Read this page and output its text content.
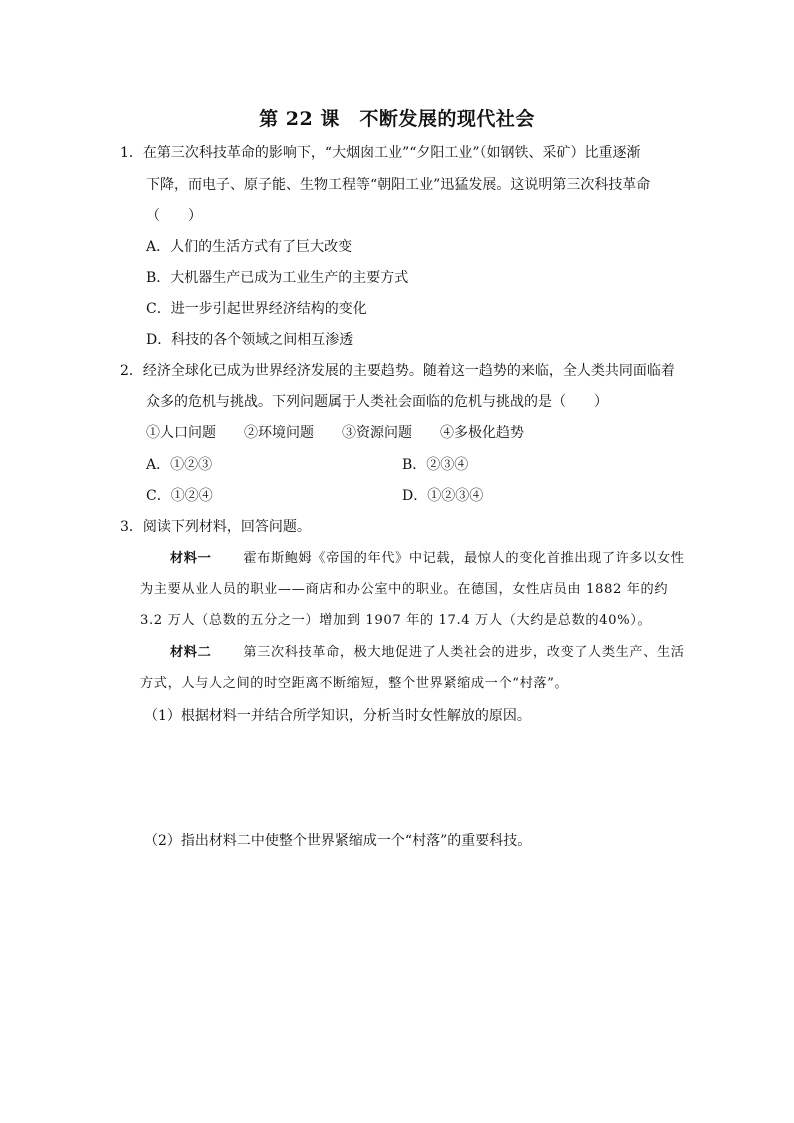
第 22 课　不断发展的现代社会
1．在第三次科技革命的影响下，“大烟囱工业”“夕阳工业”（如钢铁、采矿）比重逐渐
下降，而电子、原子能、生物工程等“朝阳工业”迅猛发展。这说明第三次科技革命
（　　）
A．人们的生活方式有了巨大改变
B．大机器生产已成为工业生产的主要方式
C．进一步引起世界经济结构的变化
D．科技的各个领域之间相互渗透
2．经济全球化已成为世界经济发展的主要趋势。随着这一趋势的来临，全人类共同面临着
众多的危机与挑战。下列问题属于人类社会面临的危机与挑战的是（　　）
①人口问题　　②环境问题　　③资源问题　　④多极化趋势
A．①②③	B．②③④
C．①②④	D．①②③④
3．阅读下列材料，回答问题。
材料一 霍布斯鲍姆《帝国的年代》中记载，最惊人的变化首推出现了许多以女性
为主要从业人员的职业——商店和办公室中的职业。在德国，女性店员由 1882 年的约
3.2 万人（总数的五分之一）增加到 1907 年的 17.4 万人（大约是总数的40%）。
材料二 第三次科技革命，极大地促进了人类社会的进步，改变了人类生产、生活
方式，人与人之间的时空距离不断缩短，整个世界紧缩成一个“村落”。
（1）根据材料一并结合所学知识，分析当时女性解放的原因。
（2）指出材料二中使整个世界紧缩成一个“村落”的重要科技。
